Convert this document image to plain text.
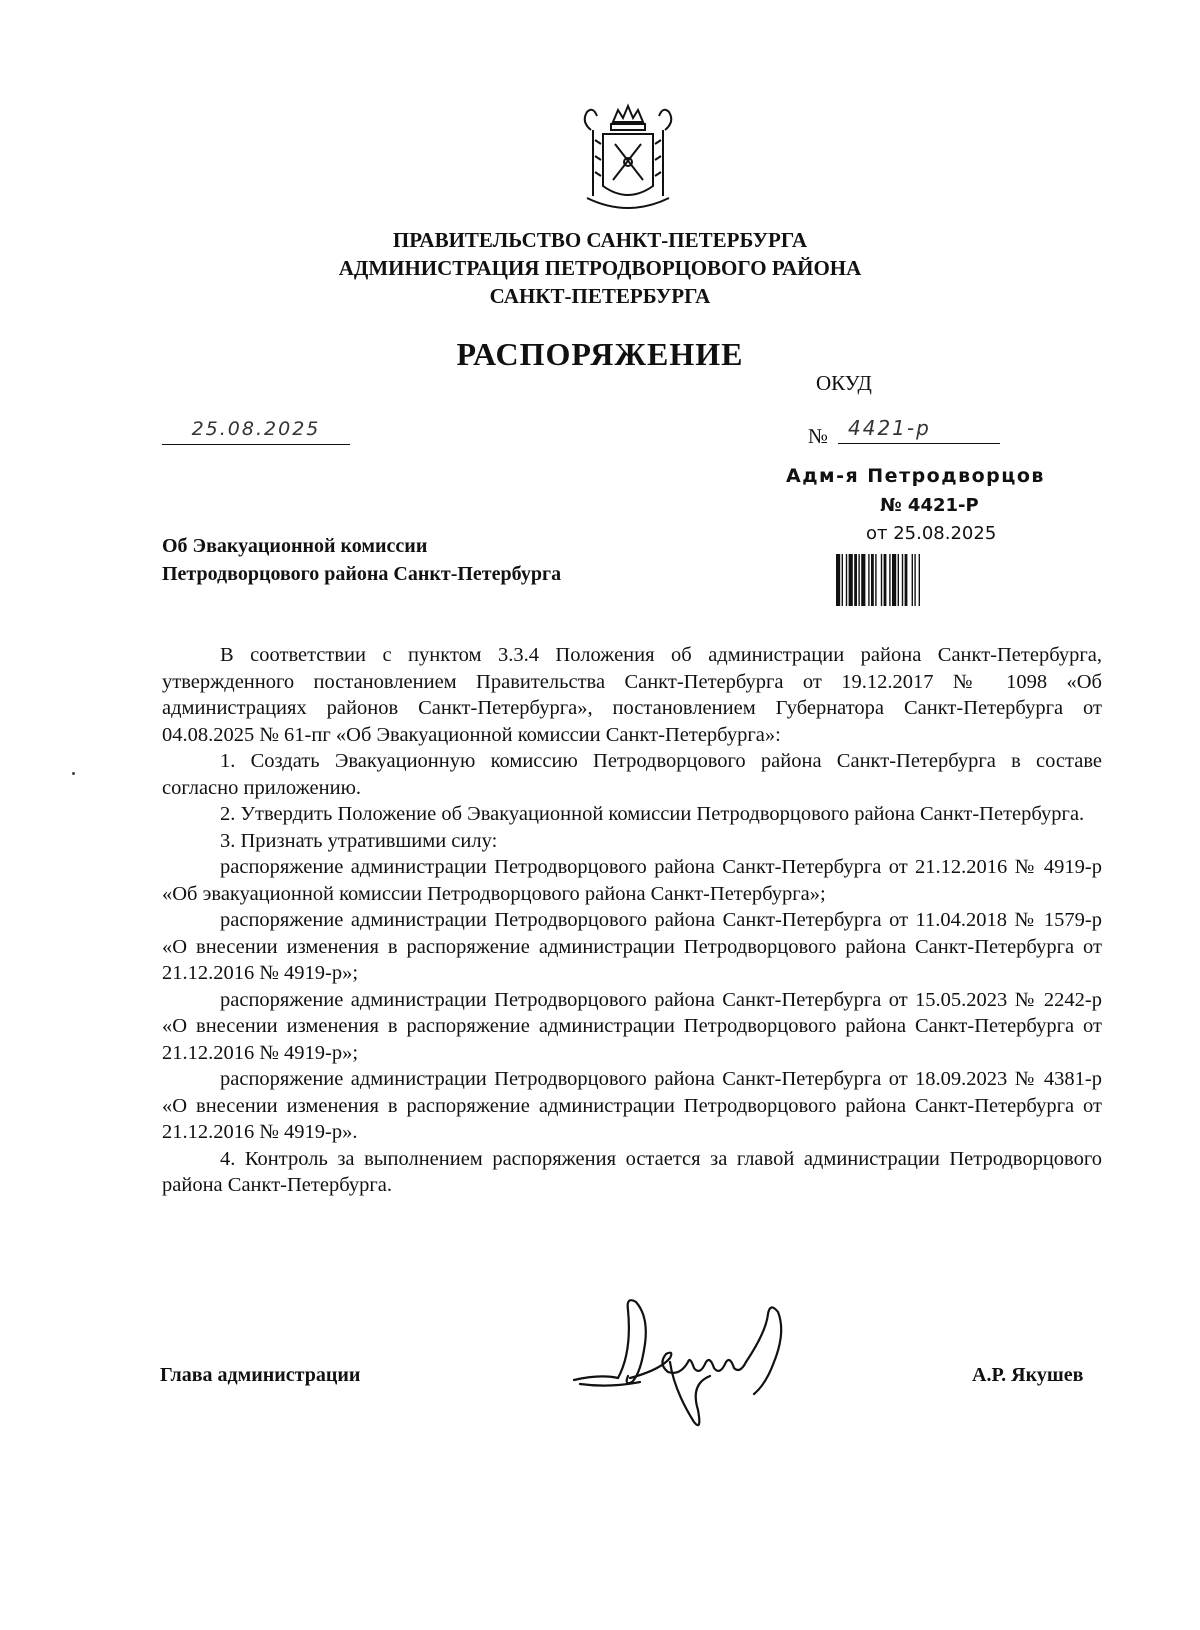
ПРАВИТЕЛЬСТВО САНКТ-ПЕТЕРБУРГА
АДМИНИСТРАЦИЯ ПЕТРОДВОРЦОВОГО РАЙОНА
САНКТ-ПЕТЕРБУРГА
РАСПОРЯЖЕНИЕ
ОКУД
25.08.2025	№ 4421-р
Адм-я Петродворцов
№ 4421-Р
от 25.08.2025
Об Эвакуационной комиссии
Петродворцового района Санкт-Петербурга

В соответствии с пунктом 3.3.4 Положения об администрации района Санкт-Петербурга, утвержденного постановлением Правительства Санкт-Петербурга от 19.12.2017 № 1098 «Об администрациях районов Санкт-Петербурга», постановлением Губернатора Санкт-Петербурга от 04.08.2025 № 61-пг «Об Эвакуационной комиссии Санкт-Петербурга»:

1. Создать Эвакуационную комиссию Петродворцового района Санкт-Петербурга в составе согласно приложению.

2. Утвердить Положение об Эвакуационной комиссии Петродворцового района Санкт-Петербурга.

3. Признать утратившими силу:

распоряжение администрации Петродворцового района Санкт-Петербурга от 21.12.2016 № 4919-р «Об эвакуационной комиссии Петродворцового района Санкт-Петербурга»;

распоряжение администрации Петродворцового района Санкт-Петербурга от 11.04.2018 № 1579-р «О внесении изменения в распоряжение администрации Петродворцового района Санкт-Петербурга от 21.12.2016 № 4919-р»;

распоряжение администрации Петродворцового района Санкт-Петербурга от 15.05.2023 № 2242-р «О внесении изменения в распоряжение администрации Петродворцового района Санкт-Петербурга от 21.12.2016 № 4919-р»;

распоряжение администрации Петродворцового района Санкт-Петербурга от 18.09.2023 № 4381-р «О внесении изменения в распоряжение администрации Петродворцового района Санкт-Петербурга от 21.12.2016 № 4919-р».

4. Контроль за выполнением распоряжения остается за главой администрации Петродворцового района Санкт-Петербурга.

Глава администрации	А.Р. Якушев
